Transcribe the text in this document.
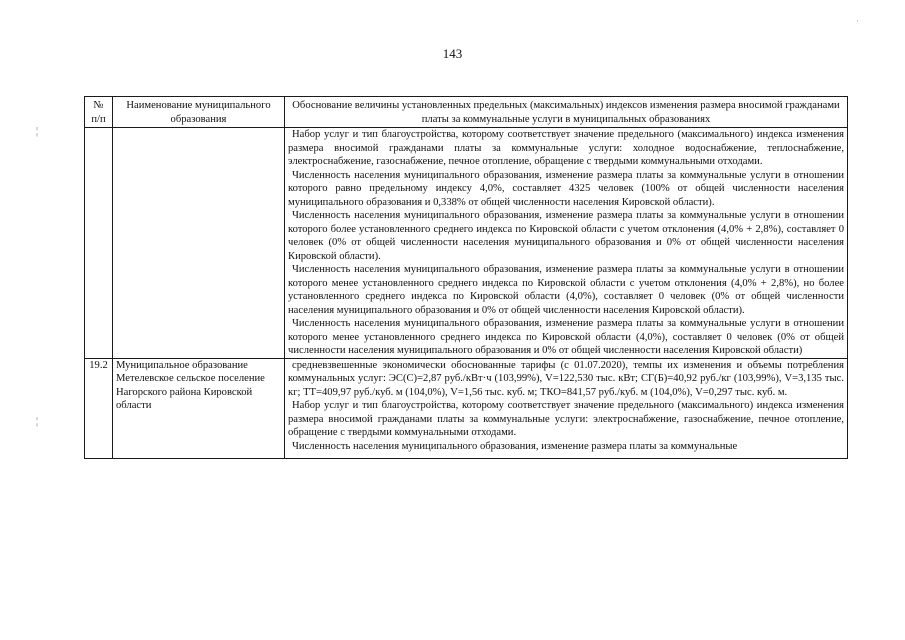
143
·
¦
¦
№ п/п	Наименование муниципального образования	Обоснование величины установленных предельных (максимальных) индексов изменения размера вносимой гражданами платы за коммунальные услуги в муниципальных образованиях

		Набор услуг и тип благоустройства, которому соответствует значение предельного (максимального) индекса изменения размера вносимой гражданами платы за коммунальные услуги: холодное водоснабжение, теплоснабжение, электроснабжение, газоснабжение, печное отопление, обращение с твердыми коммунальными отходами.

Численность населения муниципального образования, изменение размера платы за коммунальные услуги в отношении которого равно предельному индексу 4,0%, составляет 4325 человек (100% от общей численности населения муниципального образования и 0,338% от общей численности населения Кировской области).

Численность населения муниципального образования, изменение размера платы за коммунальные услуги в отношении которого более установленного среднего индекса по Кировской области с учетом отклонения (4,0% + 2,8%), составляет 0 человек (0% от общей численности населения муниципального образования и 0% от общей численности населения Кировской области).

Численность населения муниципального образования, изменение размера платы за коммунальные услуги в отношении которого менее установленного среднего индекса по Кировской области с учетом отклонения (4,0% + 2,8%), но более установленного среднего индекса по Кировской области (4,0%), составляет 0 человек (0% от общей численности населения муниципального образования и 0% от общей численности населения Кировской области).

Численность населения муниципального образования, изменение размера платы за коммунальные услуги в отношении которого менее установленного среднего индекса по Кировской области (4,0%), составляет 0 человек (0% от общей численности населения муниципального образования и 0% от общей численности населения Кировской области)

19.2	Муниципальное образование Метелевское сельское поселение Нагорского района Кировской области	средневзвешенные экономически обоснованные тарифы (с 01.07.2020), темпы их изменения и объемы потребления коммунальных услуг: ЭС(С)=2,87 руб./кВт·ч (103,99%), V=122,530 тыс. кВт; СГ(Б)=40,92 руб./кг (103,99%), V=3,135 тыс. кг; ТТ=409,97 руб./куб. м (104,0%), V=1,56 тыс. куб. м; ТКО=841,57 руб./куб. м (104,0%), V=0,297 тыс. куб. м.

Набор услуг и тип благоустройства, которому соответствует значение предельного (максимального) индекса изменения размера вносимой гражданами платы за коммунальные услуги: электроснабжение, газоснабжение, печное отопление, обращение с твердыми коммунальными отходами.

Численность населения муниципального образования, изменение размера платы за коммунальные
